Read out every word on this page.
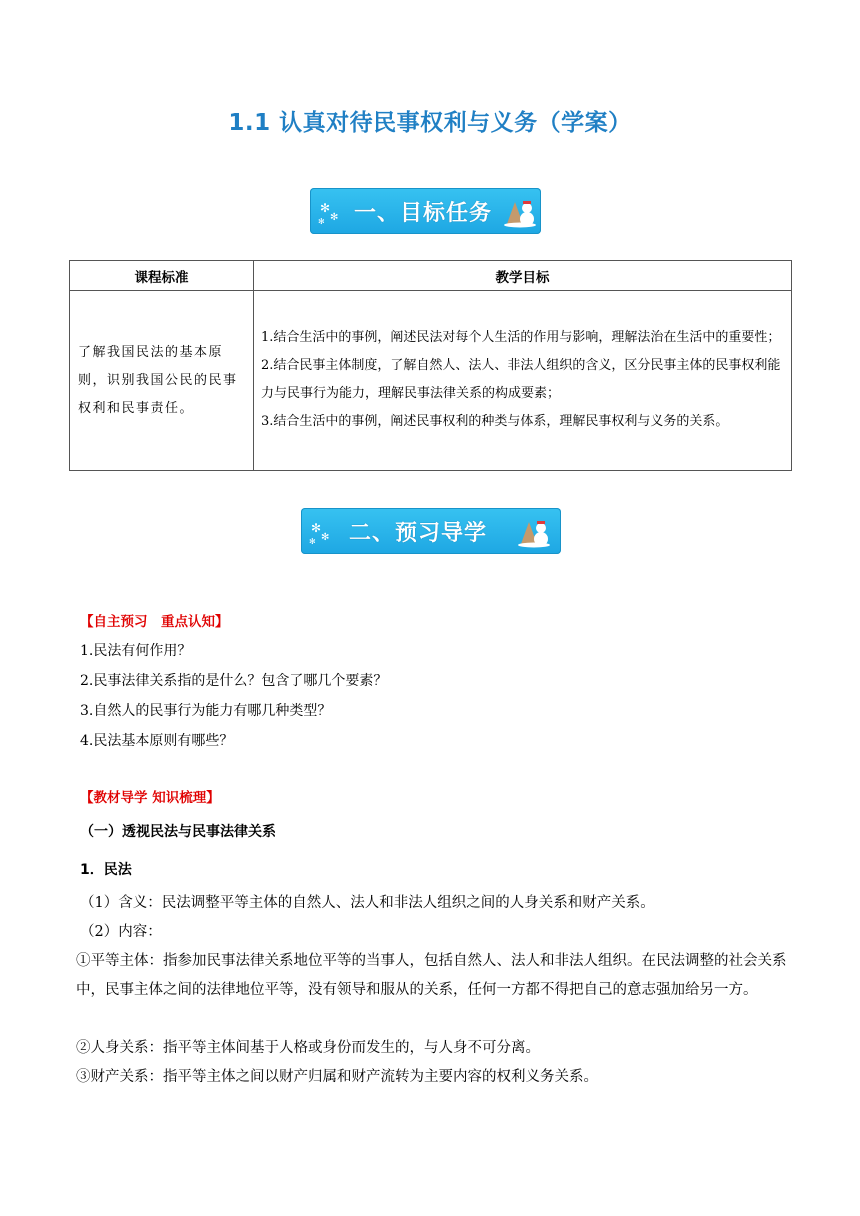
1.1 认真对待民事权利与义务（学案）
✻
✻
✻ 一、目标任务
课程标准	教学目标
了解我国民法的基本原则，识别我国公民的民事权利和民事责任。	1.结合生活中的事例，阐述民法对每个人生活的作用与影响，理解法治在生活中的重要性；
2.结合民事主体制度，了解自然人、法人、非法人组织的含义，区分民事主体的民事权利能力与民事行为能力，理解民事法律关系的构成要素；
3.结合生活中的事例，阐述民事权利的种类与体系，理解民事权利与义务的关系。
✻
✻
✻ 二、预习导学
【自主预习　重点认知】
1.民法有何作用？
2.民事法律关系指的是什么？包含了哪几个要素？
3.自然人的民事行为能力有哪几种类型？
4.民法基本原则有哪些？
【教材导学 知识梳理】
（一）透视民法与民事法律关系
1．民法
（1）含义：民法调整平等主体的自然人、法人和非法人组织之间的人身关系和财产关系。
（2）内容：
①平等主体：指参加民事法律关系地位平等的当事人，包括自然人、法人和非法人组织。在民法调整的社会关系中，民事主体之间的法律地位平等，没有领导和服从的关系，任何一方都不得把自己的意志强加给另一方。
②人身关系：指平等主体间基于人格或身份而发生的，与人身不可分离。
③财产关系：指平等主体之间以财产归属和财产流转为主要内容的权利义务关系。
